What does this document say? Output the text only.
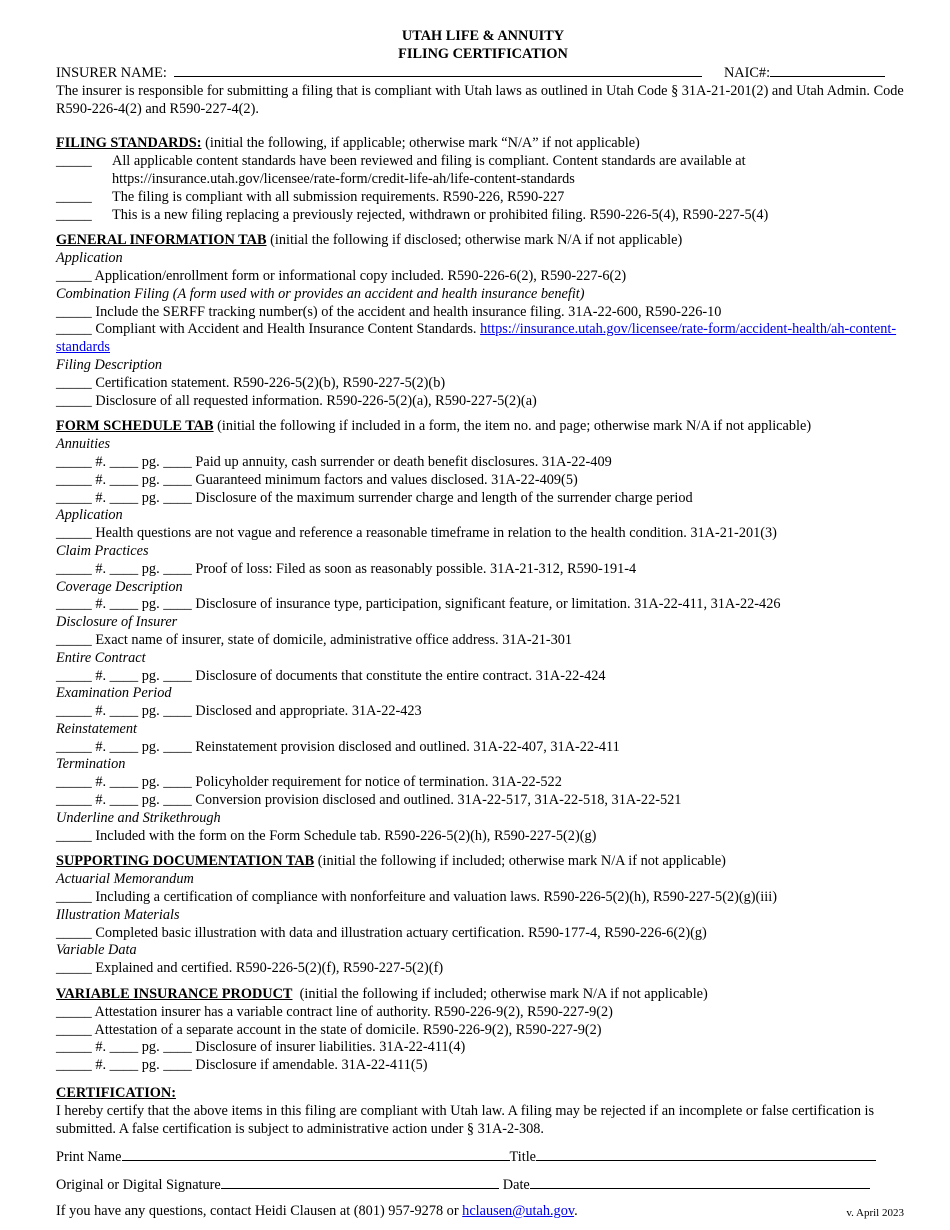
UTAH LIFE & ANNUITY
FILING CERTIFICATION
INSURER NAME:	NAIC#:
The insurer is responsible for submitting a filing that is compliant with Utah laws as outlined in Utah Code § 31A-21-201(2) and Utah Admin. Code R590-226-4(2) and R590-227-4(2).
FILING STANDARDS: (initial the following, if applicable; otherwise mark “N/A” if not applicable)
_____	All applicable content standards have been reviewed and filing is compliant. Content standards are available at https://insurance.utah.gov/licensee/rate-form/credit-life-ah/life-content-standards
_____	The filing is compliant with all submission requirements. R590-226, R590-227
_____	This is a new filing replacing a previously rejected, withdrawn or prohibited filing. R590-226-5(4), R590-227-5(4)
GENERAL INFORMATION TAB (initial the following if disclosed; otherwise mark N/A if not applicable)
Application
_____ Application/enrollment form or informational copy included. R590-226-6(2), R590-227-6(2)
Combination Filing (A form used with or provides an accident and health insurance benefit)
_____ Include the SERFF tracking number(s) of the accident and health insurance filing. 31A-22-600, R590-226-10
_____ Compliant with Accident and Health Insurance Content Standards. https://insurance.utah.gov/licensee/rate-form/accident-health/ah-content-standards
Filing Description
_____ Certification statement. R590-226-5(2)(b), R590-227-5(2)(b)
_____ Disclosure of all requested information. R590-226-5(2)(a), R590-227-5(2)(a)
FORM SCHEDULE TAB (initial the following if included in a form, the item no. and page; otherwise mark N/A if not applicable)
Annuities
_____ #. ____ pg. ____ Paid up annuity, cash surrender or death benefit disclosures. 31A-22-409
_____ #. ____ pg. ____ Guaranteed minimum factors and values disclosed. 31A-22-409(5)
_____ #. ____ pg. ____ Disclosure of the maximum surrender charge and length of the surrender charge period
Application
_____ Health questions are not vague and reference a reasonable timeframe in relation to the health condition. 31A-21-201(3)
Claim Practices
_____ #. ____ pg. ____ Proof of loss: Filed as soon as reasonably possible. 31A-21-312, R590-191-4
Coverage Description
_____ #. ____ pg. ____ Disclosure of insurance type, participation, significant feature, or limitation. 31A-22-411, 31A-22-426
Disclosure of Insurer
_____ Exact name of insurer, state of domicile, administrative office address. 31A-21-301
Entire Contract
_____ #. ____ pg. ____ Disclosure of documents that constitute the entire contract. 31A-22-424
Examination Period
_____ #. ____ pg. ____ Disclosed and appropriate. 31A-22-423
Reinstatement
_____ #. ____ pg. ____ Reinstatement provision disclosed and outlined. 31A-22-407, 31A-22-411
Termination
_____ #. ____ pg. ____ Policyholder requirement for notice of termination. 31A-22-522
_____ #. ____ pg. ____ Conversion provision disclosed and outlined. 31A-22-517, 31A-22-518, 31A-22-521
Underline and Strikethrough
_____ Included with the form on the Form Schedule tab. R590-226-5(2)(h), R590-227-5(2)(g)
SUPPORTING DOCUMENTATION TAB (initial the following if included; otherwise mark N/A if not applicable)
Actuarial Memorandum
_____ Including a certification of compliance with nonforfeiture and valuation laws. R590-226-5(2)(h), R590-227-5(2)(g)(iii)
Illustration Materials
_____ Completed basic illustration with data and illustration actuary certification. R590-177-4, R590-226-6(2)(g)
Variable Data
_____ Explained and certified. R590-226-5(2)(f), R590-227-5(2)(f)
VARIABLE INSURANCE PRODUCT  (initial the following if included; otherwise mark N/A if not applicable)
_____ Attestation insurer has a variable contract line of authority. R590-226-9(2), R590-227-9(2)
_____ Attestation of a separate account in the state of domicile. R590-226-9(2), R590-227-9(2)
_____ #. ____ pg. ____ Disclosure of insurer liabilities. 31A-22-411(4)
_____ #. ____ pg. ____ Disclosure if amendable. 31A-22-411(5)
CERTIFICATION:
I hereby certify that the above items in this filing are compliant with Utah law. A filing may be rejected if an incomplete or false certification is submitted. A false certification is subject to administrative action under § 31A-2-308.
Print Name	Title
Original or Digital Signature	Date
If you have any questions, contact Heidi Clausen at (801) 957-9278 or hclausen@utah.gov.	v. April 2023
